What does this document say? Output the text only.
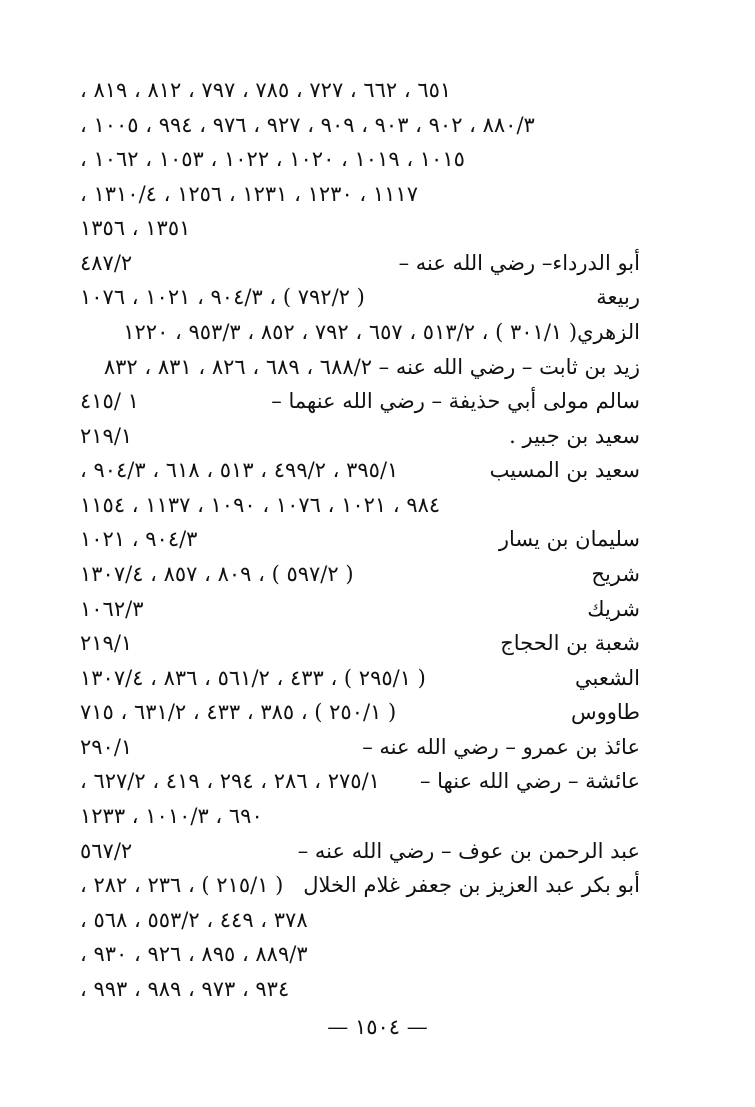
٦٥١ ، ٦٦٢ ، ٧٢٧ ، ٧٨٥ ، ٧٩٧ ، ٨١٢ ، ٨١٩ ،
٨٨٠/٣ ، ٩٠٢ ، ٩٠٣ ، ٩٠٩ ، ٩٢٧ ، ٩٧٦ ، ٩٩٤ ، ١٠٠٥ ،
١٠١٥ ، ١٠١٩ ، ١٠٢٠ ، ١٠٢٢ ، ١٠٥٣ ، ١٠٦٢ ،
١١١٧ ، ١٢٣٠ ، ١٢٣١ ، ١٢٥٦ ، ١٣١٠/٤ ،
١٣٥١ ، ١٣٥٦
أبو الدرداء– رضي الله عنه –
٤٨٧/٢
ربيعة
( ٧٩٢/٢ ) ، ٩٠٤/٣ ، ١٠٢١ ، ١٠٧٦
الزهري( ٣٠١/١ ) ، ٥١٣/٢ ، ٦٥٧ ، ٧٩٢ ، ٨٥٢ ، ٩٥٣/٣ ، ١٢٢٠
زيد بن ثابت – رضي الله عنه – ٦٨٨/٢ ، ٦٨٩ ، ٨٢٦ ، ٨٣١ ، ٨٣٢
سالم مولى أبي حذيفة – رضي الله عنهما –
١ /٤١٥
سعيد بن جبير .
٢١٩/١
سعيد بن المسيب
٣٩٥/١ ، ٤٩٩/٢ ، ٥١٣ ، ٦١٨ ، ٩٠٤/٣ ،
٩٨٤ ، ١٠٢١ ، ١٠٧٦ ، ١٠٩٠ ، ١١٣٧ ، ١١٥٤
سليمان بن يسار
٩٠٤/٣ ، ١٠٢١
شريح
( ٥٩٧/٢ ) ، ٨٠٩ ، ٨٥٧ ، ١٣٠٧/٤
شريك
١٠٦٢/٣
شعبة بن الحجاج
٢١٩/١
الشعبي
( ٢٩٥/١ ) ، ٤٣٣ ، ٥٦١/٢ ، ٨٣٦ ، ١٣٠٧/٤
طاووس
( ٢٥٠/١ ) ، ٣٨٥ ، ٤٣٣ ، ٦٣١/٢ ، ٧١٥
عائذ بن عمرو – رضي الله عنه –
٢٩٠/١
عائشة – رضي الله عنها –
٢٧٥/١ ، ٢٨٦ ، ٢٩٤ ، ٤١٩ ، ٦٢٧/٢ ،
٦٩٠ ، ١٠١٠/٣ ، ١٢٣٣
عبد الرحمن بن عوف – رضي الله عنه –
٥٦٧/٢
أبو بكر عبد العزيز بن جعفر غلام الخلال
( ٢١٥/١ ) ، ٢٣٦ ، ٢٨٢ ،
٣٧٨ ، ٤٤٩ ، ٥٥٣/٢ ، ٥٦٨ ،
٨٨٩/٣ ، ٨٩٥ ، ٩٢٦ ، ٩٣٠ ،
٩٣٤ ، ٩٧٣ ، ٩٨٩ ، ٩٩٣ ،
— ١٥٠٤ —
